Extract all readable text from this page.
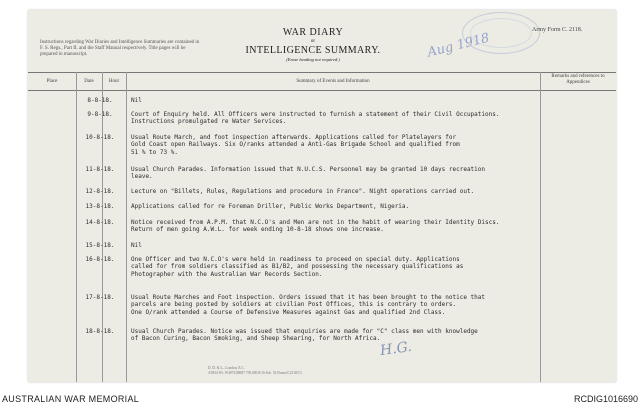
Instructions regarding War Diaries and Intelligence Summaries are contained in F. S. Regs., Part II. and the Staff Manual respectively. Title pages will be prepared in manuscript.
WAR DIARY
or
INTELLIGENCE SUMMARY.
(Erase heading not required.)
Army Form C. 2118.
Aug 1918
Place	Date	Hour	Summary of Events and Information
Remarks and references to Appendices
8-8-18.	Nil
9-8-18.	Court of Enquiry held. All Officers were instructed to furnish a statement of their Civil Occupations.
Instructions promulgated re Water Services.
10-8-18.	Usual Route March, and foot inspection afterwards. Applications called for Platelayers for
Gold Coast open Railways. Six O/ranks attended a Anti-Gas Brigade School and qualified from
51 % to 73 %.
11-8-18.	Usual Church Parades. Information issued that N.U.C.S. Personnel may be granted 10 days recreation
leave.
12-8-18.	Lecture on "Billets, Rules, Regulations and procedure in France". Night operations carried out.
13-8-18.	Applications called for re Foreman Driller, Public Works Department, Nigeria.
14-8-18.	Notice received from A.P.M. that N.C.O's and Men are not in the habit of wearing their Identity Discs.
Return of men going A.W.L. for week ending 10-8-18 shows one increase.
15-8-18.	Nil
16-8-18.	One Officer and two N.C.O's were held in readiness to proceed on special duty. Applications
called for from soldiers classified as B1/B2, and possessing the necessary qualifications as
Photographer with the Australian War Records Section.
17-8-18.	Usual Route Marches and Foot inspection. Orders issued that it has been brought to the notice that
parcels are being posted by soldiers at civilian Post Offices, this is contrary to orders.
One O/rank attended a Course of Defensive Measures against Gas and qualified 2nd Class.
18-8-18.	Usual Church Parades. Notice was issued that enquiries are made for "C" class men with knowledge
of Bacon Curing, Bacon Smoking, and Sheep Shearing, for North Africa.
H.G.
D. D. & L., London, E.C.
A5834 Wt. W4973/M687 750,000 8/16 Sch. 52 Forms/C2118/13
AUSTRALIAN WAR MEMORIAL	RCDIG1016690
